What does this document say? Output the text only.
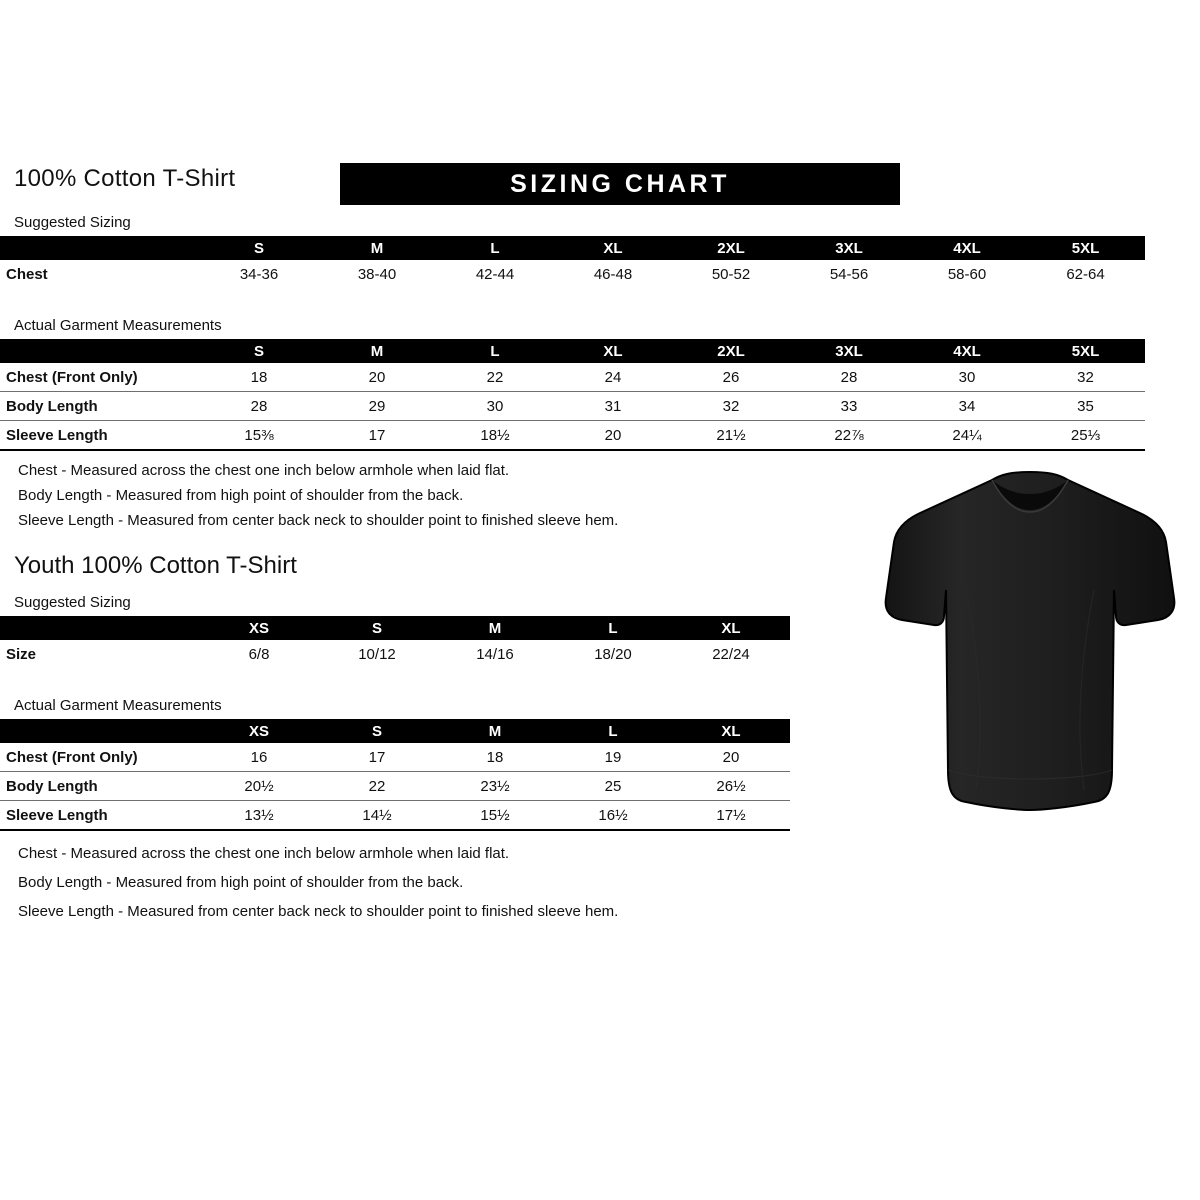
100% Cotton T-Shirt	SIZING CHART
Suggested Sizing
	S	M	L	XL	2XL	3XL	4XL	5XL
Chest	34-36	38-40	42-44	46-48	50-52	54-56	58-60	62-64
Actual Garment Measurements
	S	M	L	XL	2XL	3XL	4XL	5XL
Chest (Front Only)	18	20	22	24	26	28	30	32
Body Length	28	29	30	31	32	33	34	35
Sleeve Length	15⅜	17	18½	20	21½	22⅞	24¼	25⅓
Chest - Measured across the chest one inch below armhole when laid flat.
Body Length - Measured from high point of shoulder from the back.
Sleeve Length - Measured from center back neck to shoulder point to finished sleeve hem.
Youth 100% Cotton T-Shirt
Suggested Sizing
	XS	S	M	L	XL
Size	6/8	10/12	14/16	18/20	22/24
Actual Garment Measurements
	XS	S	M	L	XL
Chest (Front Only)	16	17	18	19	20
Body Length	20½	22	23½	25	26½
Sleeve Length	13½	14½	15½	16½	17½
Chest - Measured across the chest one inch below armhole when laid flat.
Body Length - Measured from high point of shoulder from the back.
Sleeve Length - Measured from center back neck to shoulder point to finished sleeve hem.
